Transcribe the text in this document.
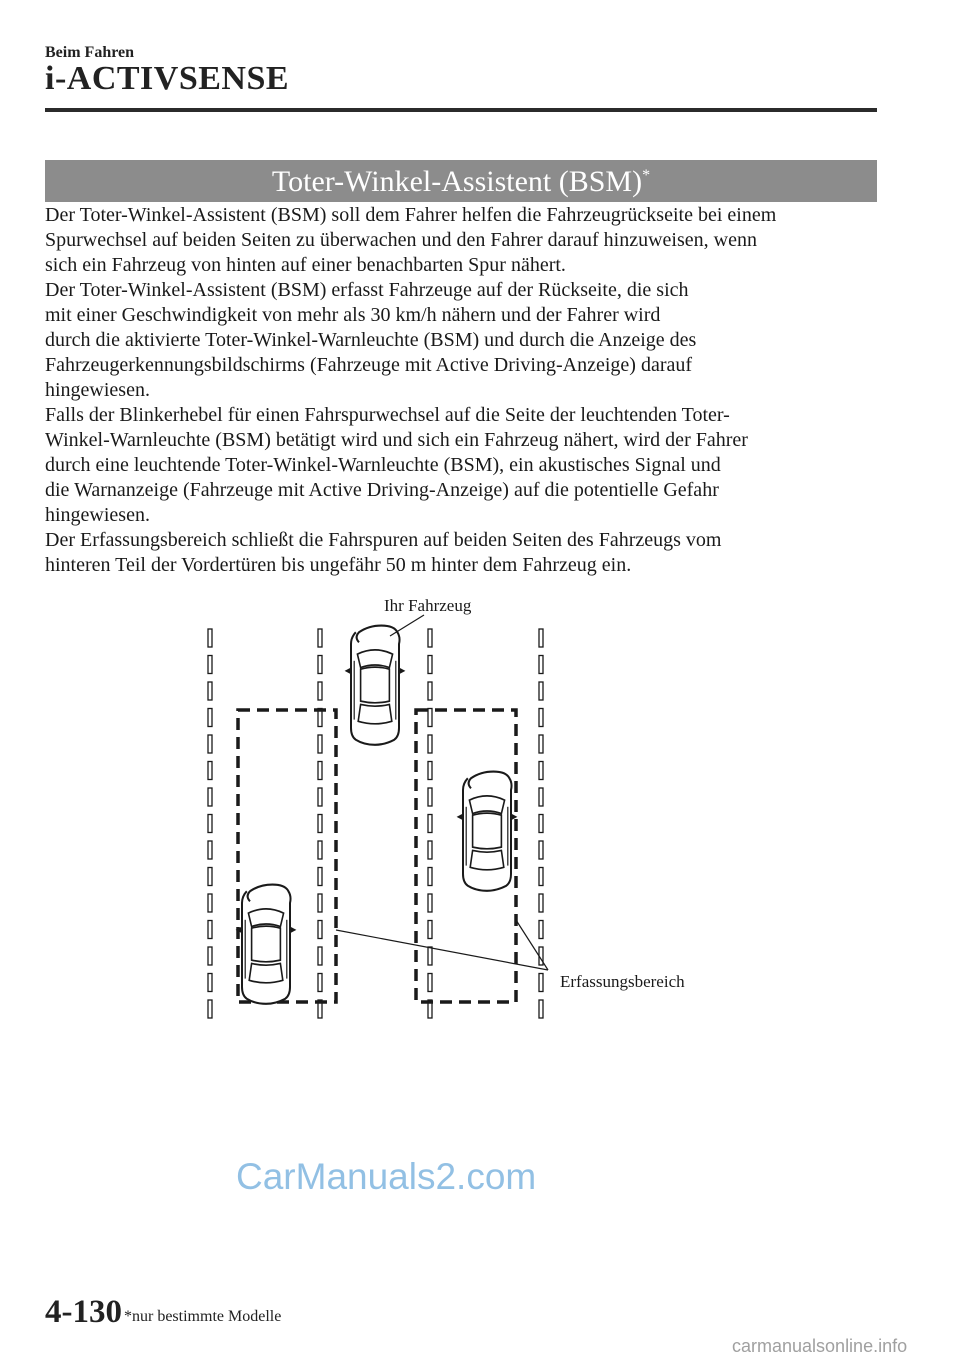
Beim Fahren
i-ACTIVSENSE
Toter-Winkel-Assistent (BSM)*

Der Toter-Winkel-Assistent (BSM) soll dem Fahrer helfen die Fahrzeugrückseite bei einem

Spurwechsel auf beiden Seiten zu überwachen und den Fahrer darauf hinzuweisen, wenn

sich ein Fahrzeug von hinten auf einer benachbarten Spur nähert.

Der Toter-Winkel-Assistent (BSM) erfasst Fahrzeuge auf der Rückseite, die sich

mit einer Geschwindigkeit von mehr als 30 km/h nähern und der Fahrer wird

durch die aktivierte Toter-Winkel-Warnleuchte (BSM) und durch die Anzeige des

Fahrzeugerkennungsbildschirms (Fahrzeuge mit Active Driving-Anzeige) darauf

hingewiesen.

Falls der Blinkerhebel für einen Fahrspurwechsel auf die Seite der leuchtenden Toter-

Winkel-Warnleuchte (BSM) betätigt wird und sich ein Fahrzeug nähert, wird der Fahrer

durch eine leuchtende Toter-Winkel-Warnleuchte (BSM), ein akustisches Signal und

die Warnanzeige (Fahrzeuge mit Active Driving-Anzeige) auf die potentielle Gefahr

hingewiesen.

Der Erfassungsbereich schließt die Fahrspuren auf beiden Seiten des Fahrzeugs vom

hinteren Teil der Vordertüren bis ungefähr 50 m hinter dem Fahrzeug ein.

Ihr Fahrzeug
Erfassungsbereich
CarManuals2.com
4-130 *nur bestimmte Modelle
carmanualsonline.info
